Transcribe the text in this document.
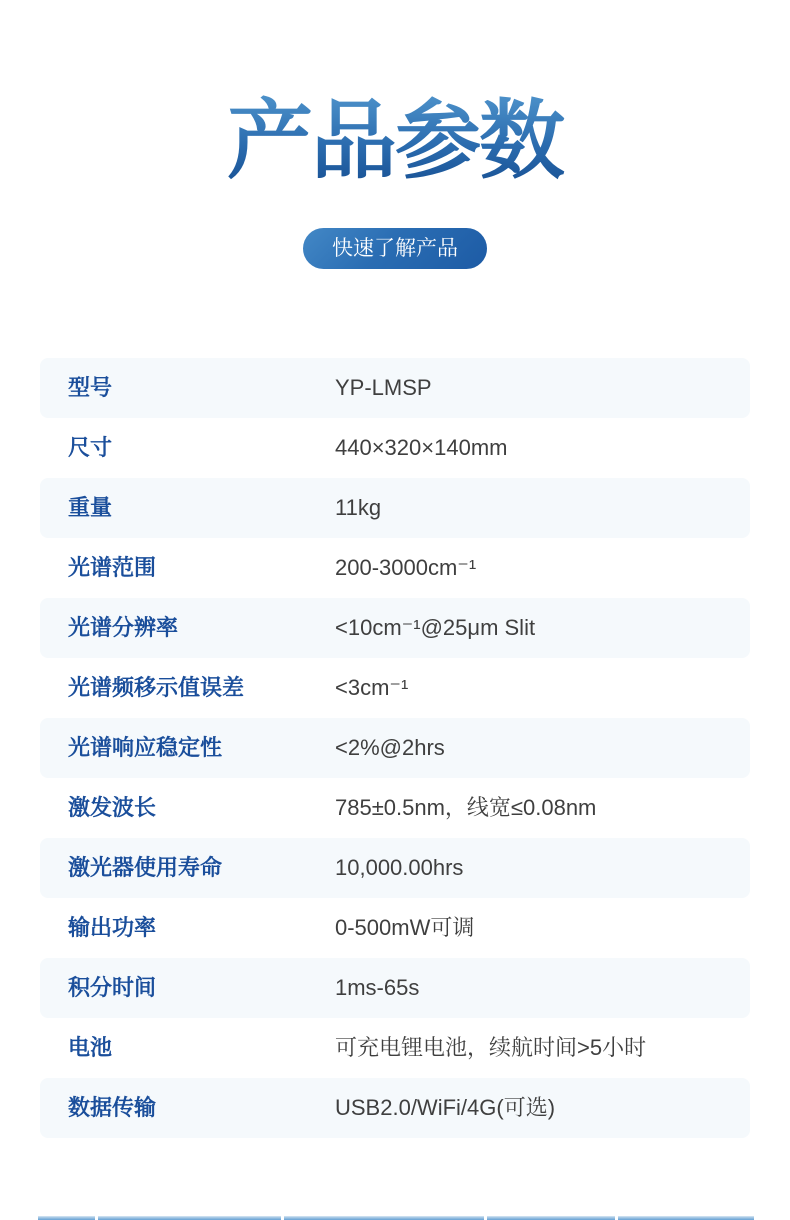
产品参数
快速了解产品
型号	YP-LMSP
尺寸	440×320×140mm
重量	11kg
光谱范围	200-3000cm⁻¹
光谱分辨率	<10cm⁻¹@25μm Slit
光谱频移示值误差	<3cm⁻¹
光谱响应稳定性	<2%@2hrs
激发波长	785±0.5nm，线宽≤0.08nm
激光器使用寿命	10,000.00hrs
输出功率	0-500mW可调
积分时间	1ms-65s
电池	可充电锂电池，续航时间>5小时
数据传输	USB2.0/WiFi/4G(可选)
